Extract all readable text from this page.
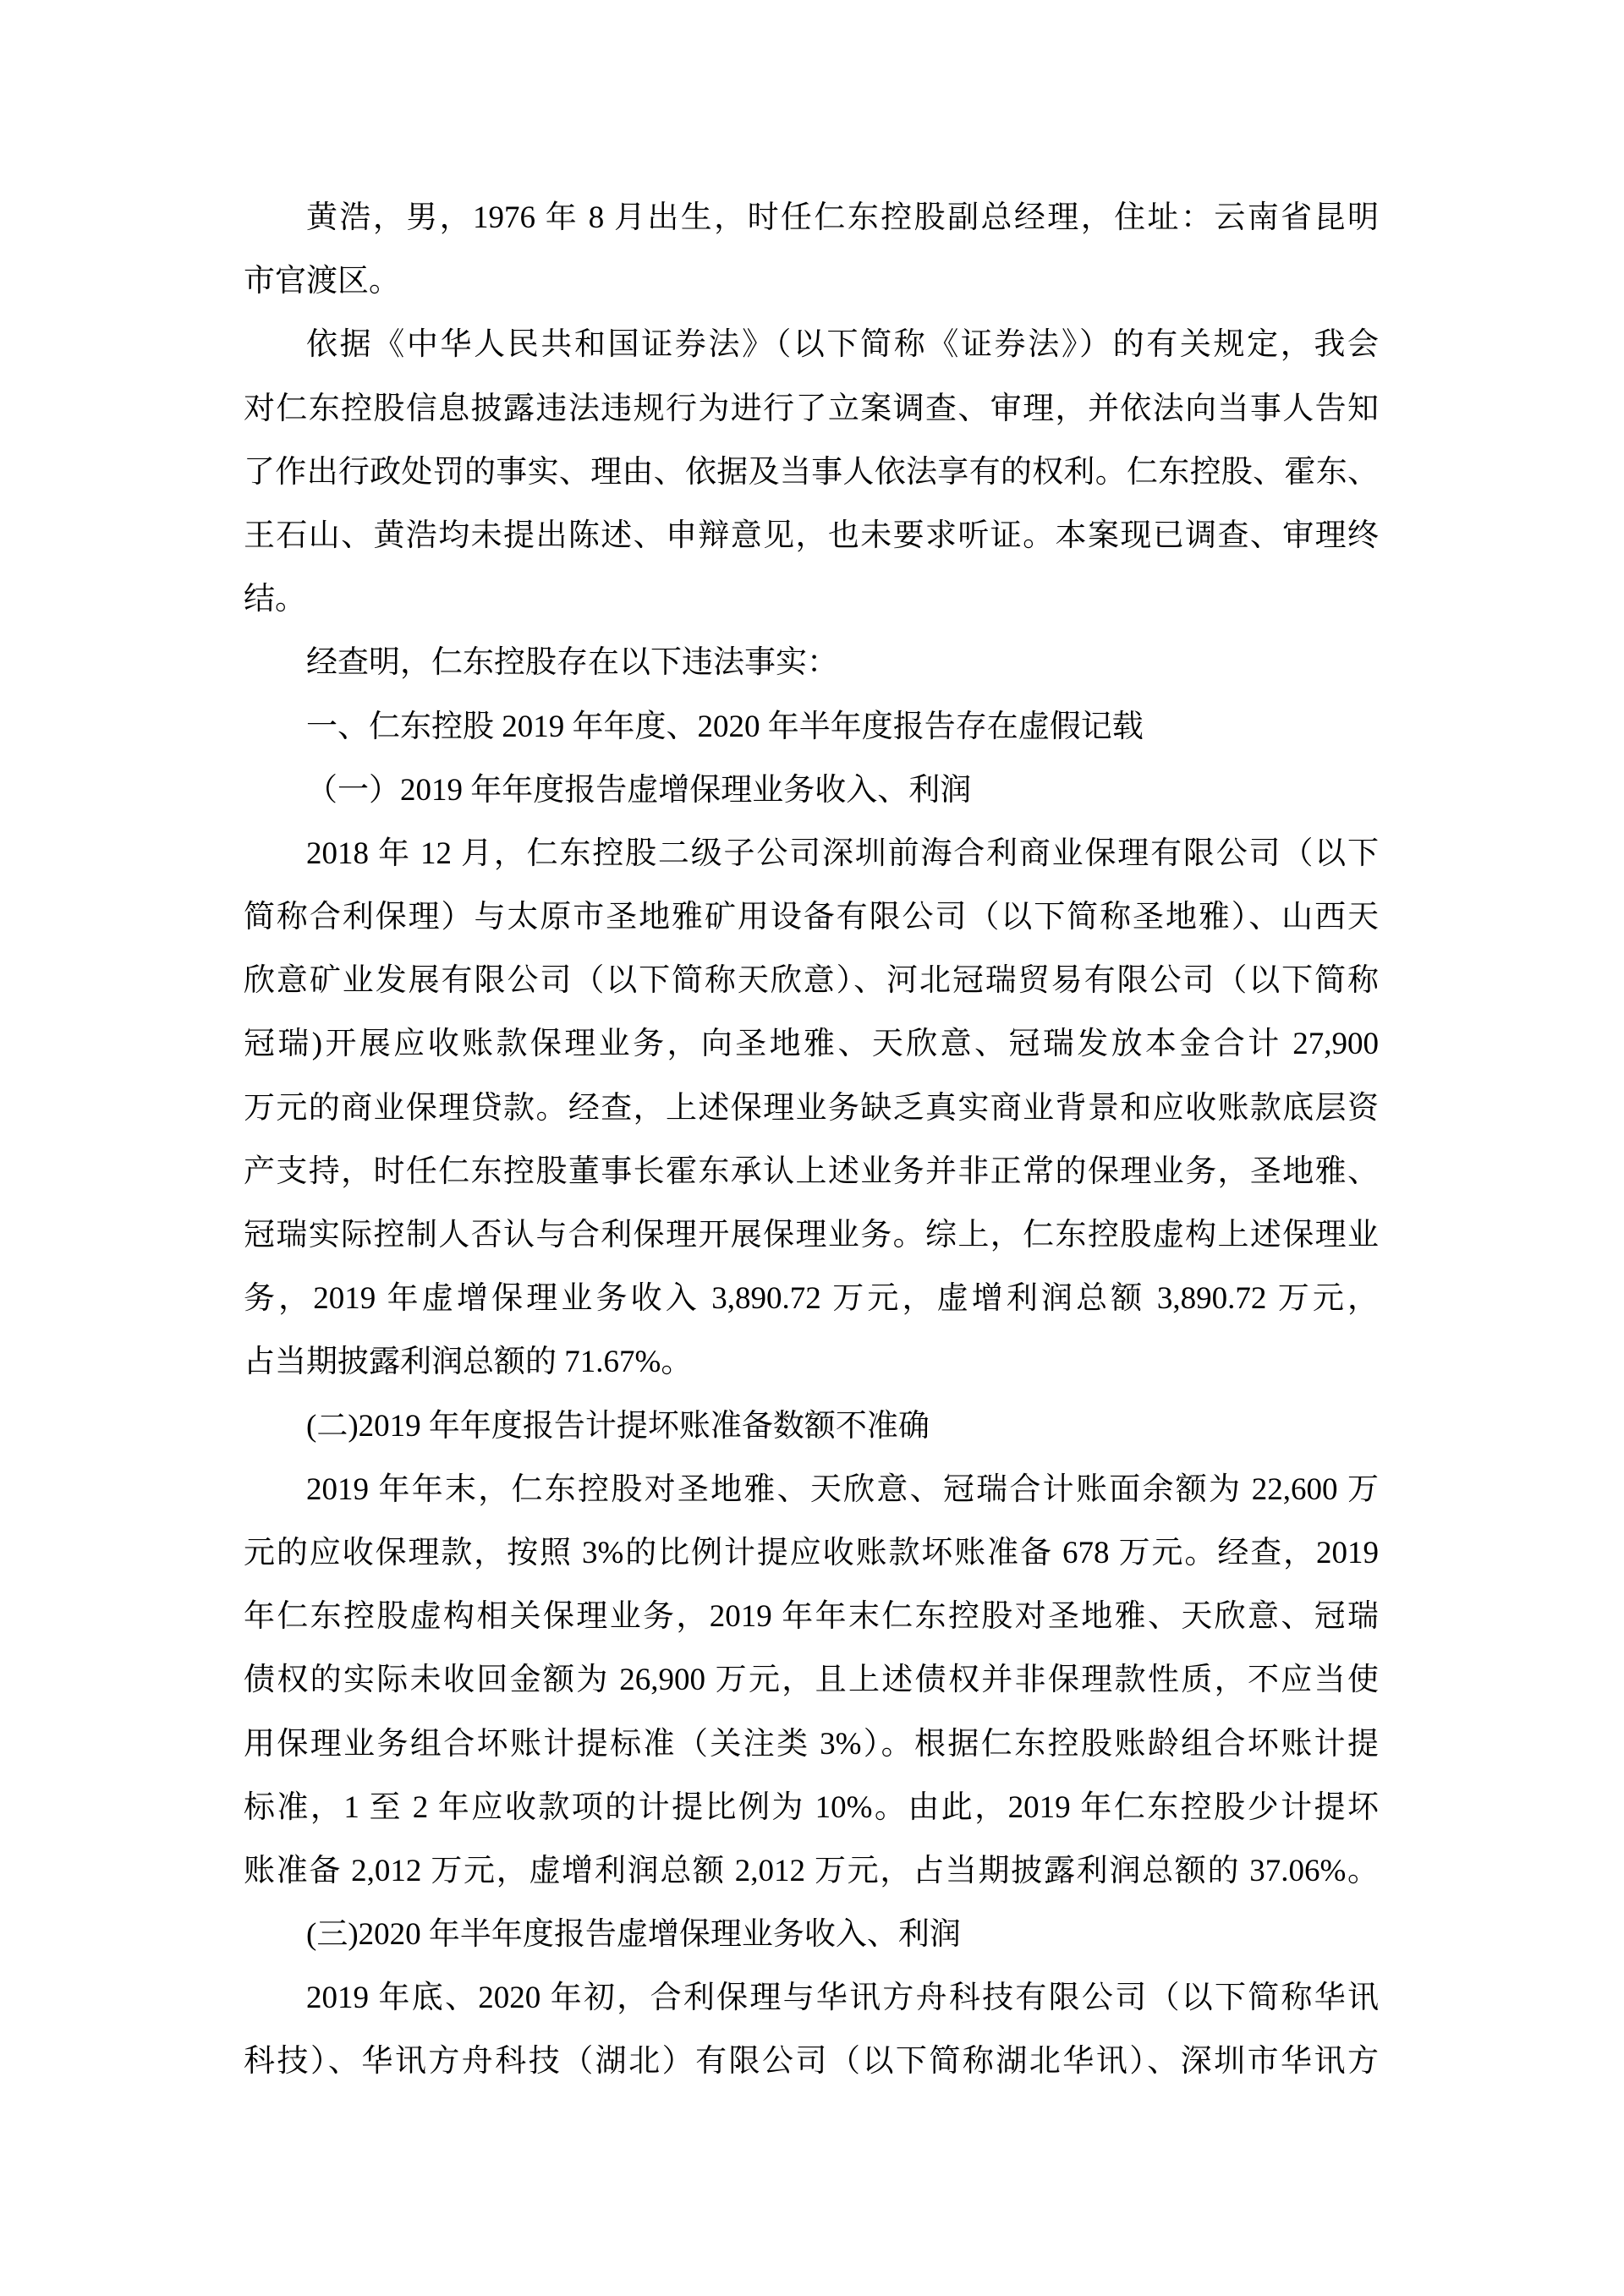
黄浩，男，1976 年 8 月出生，时任仁东控股副总经理，住址：云南省昆明
市官渡区。
依据《中华人民共和国证券法》（以下简称《证券法》）的有关规定，我会
对仁东控股信息披露违法违规行为进行了立案调查、审理，并依法向当事人告知
了作出行政处罚的事实、理由、依据及当事人依法享有的权利。仁东控股、霍东、
王石山、黄浩均未提出陈述、申辩意见，也未要求听证。本案现已调查、审理终
结。
经查明，仁东控股存在以下违法事实：
一、仁东控股 2019 年年度、2020 年半年度报告存在虚假记载
（一）2019 年年度报告虚增保理业务收入、利润
2018 年 12 月，仁东控股二级子公司深圳前海合利商业保理有限公司（以下
简称合利保理）与太原市圣地雅矿用设备有限公司（以下简称圣地雅）、山西天
欣意矿业发展有限公司（以下简称天欣意）、河北冠瑞贸易有限公司（以下简称
冠瑞)开展应收账款保理业务，向圣地雅、天欣意、冠瑞发放本金合计 27,900
万元的商业保理贷款。经查，上述保理业务缺乏真实商业背景和应收账款底层资
产支持，时任仁东控股董事长霍东承认上述业务并非正常的保理业务，圣地雅、
冠瑞实际控制人否认与合利保理开展保理业务。综上，仁东控股虚构上述保理业
务，2019 年虚增保理业务收入 3,890.72 万元，虚增利润总额 3,890.72 万元，
占当期披露利润总额的 71.67%。
(二)2019 年年度报告计提坏账准备数额不准确
2019 年年末，仁东控股对圣地雅、天欣意、冠瑞合计账面余额为 22,600 万
元的应收保理款，按照 3%的比例计提应收账款坏账准备 678 万元。经查，2019
年仁东控股虚构相关保理业务，2019 年年末仁东控股对圣地雅、天欣意、冠瑞
债权的实际未收回金额为 26,900 万元，且上述债权并非保理款性质，不应当使
用保理业务组合坏账计提标准（关注类 3%）。根据仁东控股账龄组合坏账计提
标准，1 至 2 年应收款项的计提比例为 10%。由此，2019 年仁东控股少计提坏
账准备 2,012 万元，虚增利润总额 2,012 万元，占当期披露利润总额的 37.06%。
(三)2020 年半年度报告虚增保理业务收入、利润
2019 年底、2020 年初，合利保理与华讯方舟科技有限公司（以下简称华讯
科技）、华讯方舟科技（湖北）有限公司（以下简称湖北华讯）、深圳市华讯方
